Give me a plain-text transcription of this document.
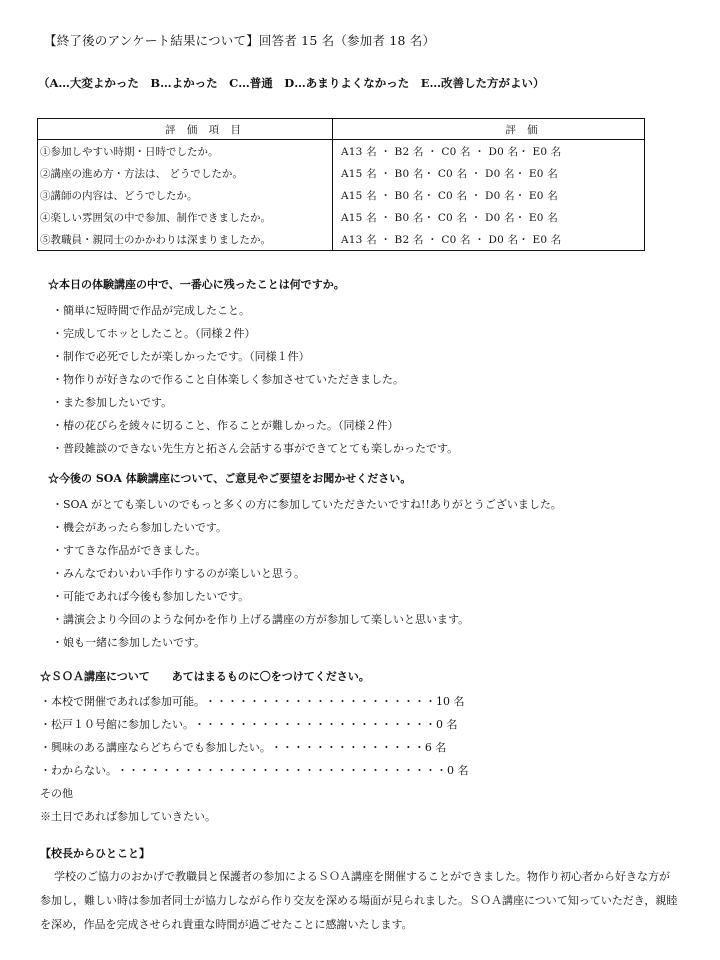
【終了後のアンケート結果について】回答者 15 名（参加者 18 名）
（A…大変よかった　B…よかった　C…普通　D…あまりよくなかった　E…改善した方がよい）
評 価 項 目	評 価
①参加しやすい時期・日時でしたか。	A13 名 ・ B2 名 ・ C0 名 ・ D0 名・ E0 名
②講座の進め方・方法は、 どうでしたか。	A15 名 ・ B0 名・ C0 名 ・ D0 名・ E0 名
③講師の内容は、どうでしたか。	A15 名 ・ B0 名・ C0 名 ・ D0 名・ E0 名
④楽しい雰囲気の中で参加、制作できましたか。	A15 名 ・ B0 名・ C0 名 ・ D0 名・ E0 名
⑤教職員・親同士のかかわりは深まりましたか。	A13 名 ・ B2 名 ・ C0 名 ・ D0 名・ E0 名
☆本日の体験講座の中で、一番心に残ったことは何ですか。
・簡単に短時間で作品が完成したこと。
・完成してホッとしたこと。（同様２件）
・制作で必死でしたが楽しかったです。（同様１件）
・物作りが好きなので作ること自体楽しく参加させていただきました。
・また参加したいです。
・椿の花びらを綾々に切ること、作ることが難しかった。（同様２件）
・普段雑談のできない先生方と拓さん会話する事ができてとても楽しかったです。
☆今後の SOA 体験講座について、ご意見やご要望をお聞かせください。
・SOA がとても楽しいのでもっと多くの方に参加していただきたいですね!!ありがとうございました。
・機会があったら参加したいです。
・すてきな作品ができました。
・みんなでわいわい手作りするのが楽しいと思う。
・可能であれば今後も参加したいです。
・講演会より今回のような何かを作り上げる講座の方が参加して楽しいと思います。
・娘も一緒に参加したいです。
☆ＳＯＡ講座について　　あてはまるものに〇をつけてください。
・本校で開催であれば参加可能。 ・・・・・・・・・・・・・・・・・・・・・ 10 名
・松戸１０号館に参加したい。 ・・・・・・・・・・・・・・・・・・・・・・ 0 名
・興味のある講座ならどちらでも参加したい。 ・・・・・・・・・・・・・・ 6 名
・わからない。 ・・・・・・・・・・・・・・・・・・・・・・・・・・・・・・ 0 名
その他
※土日であれば参加していきたい。
【校長からひとこと】

学校のご協力のおかげで教職員と保護者の参加によるＳＯＡ講座を開催することができました。物作り初心者から好きな方が参加し，難しい時は参加者同士が協力しながら作り交友を深める場面が見られました。ＳＯＡ講座について知っていただき，親睦を深め，作品を完成させられ貴重な時間が過ごせたことに感謝いたします。
